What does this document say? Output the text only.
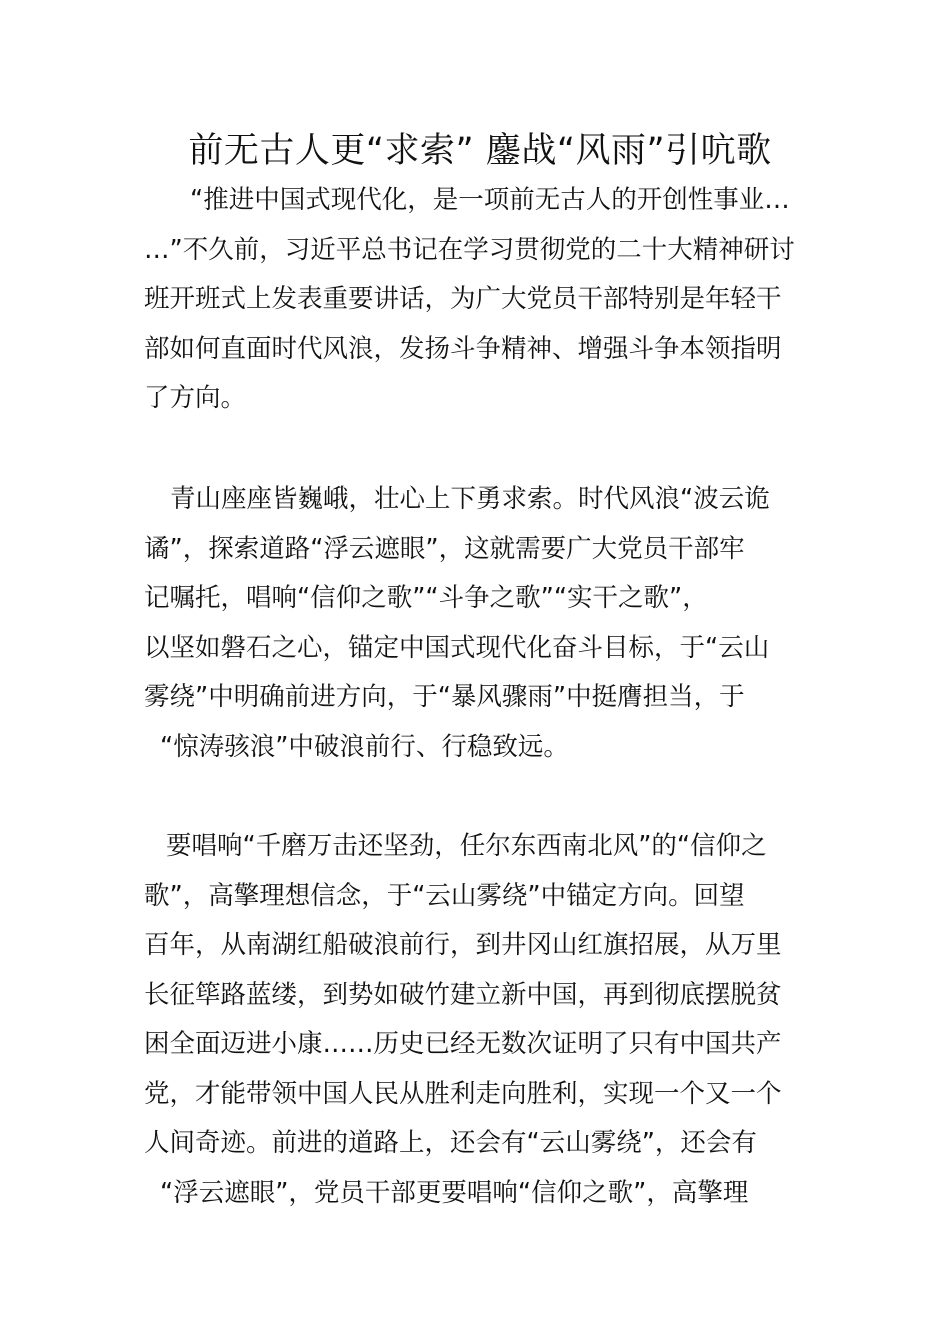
前无古人更“求索” 鏖战“风雨”引吭歌
“推进中国式现代化，是一项前无古人的开创性事业…
…”不久前，习近平总书记在学习贯彻党的二十大精神研讨
班开班式上发表重要讲话，为广大党员干部特别是年轻干
部如何直面时代风浪，发扬斗争精神、增强斗争本领指明
了方向。
青山座座皆巍峨，壮心上下勇求索。时代风浪“波云诡
谲”，探索道路“浮云遮眼”，这就需要广大党员干部牢
记嘱托，唱响“信仰之歌”“斗争之歌”“实干之歌”，
以坚如磐石之心，锚定中国式现代化奋斗目标，于“云山
雾绕”中明确前进方向，于“暴风骤雨”中挺膺担当，于
“惊涛骇浪”中破浪前行、行稳致远。
要唱响“千磨万击还坚劲，任尔东西南北风”的“信仰之
歌”，高擎理想信念，于“云山雾绕”中锚定方向。回望
百年，从南湖红船破浪前行，到井冈山红旗招展，从万里
长征筚路蓝缕，到势如破竹建立新中国，再到彻底摆脱贫
困全面迈进小康……历史已经无数次证明了只有中国共产
党，才能带领中国人民从胜利走向胜利，实现一个又一个
人间奇迹。前进的道路上，还会有“云山雾绕”，还会有
“浮云遮眼”，党员干部更要唱响“信仰之歌”，高擎理
